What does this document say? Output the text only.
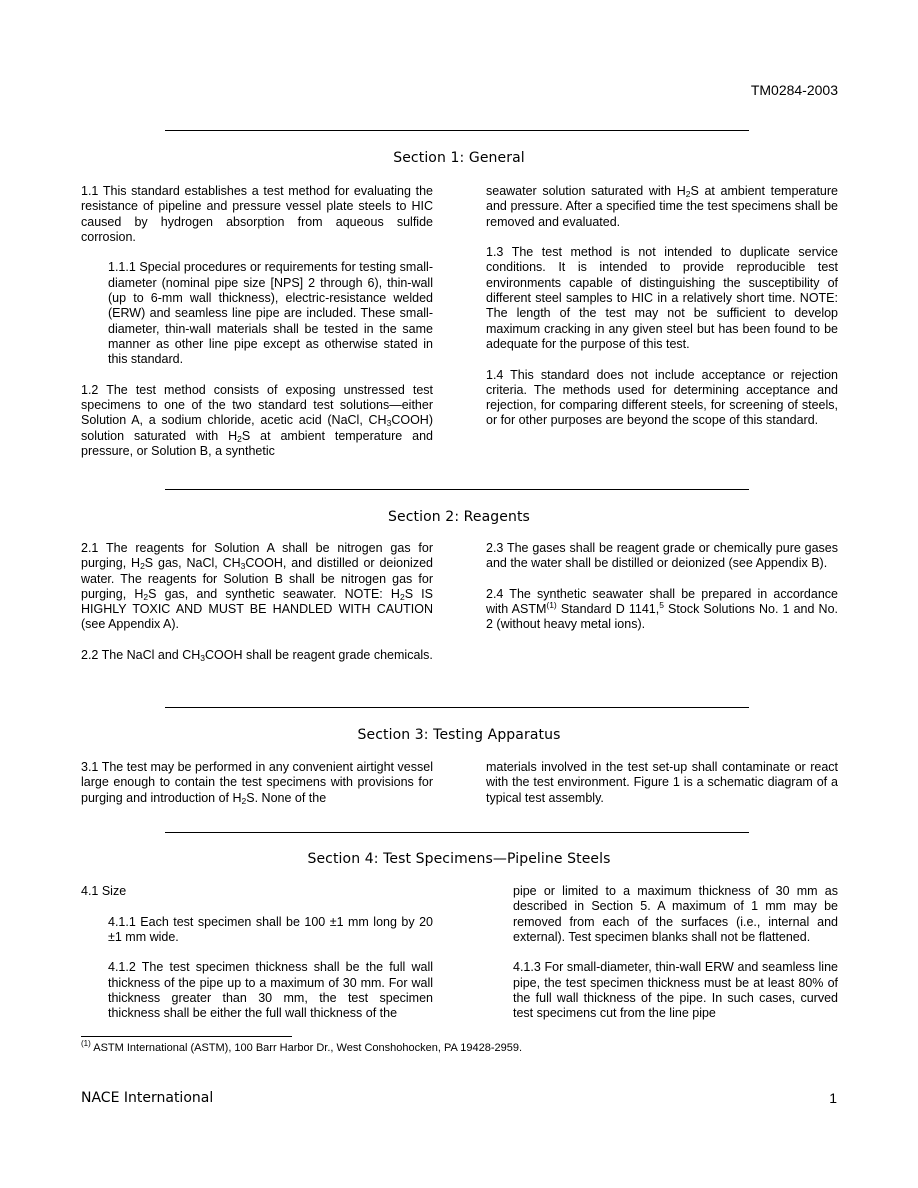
TM0284-2003
Section 1: General

1.1 This standard establishes a test method for evaluating the resistance of pipeline and pressure vessel plate steels to HIC caused by hydrogen absorption from aqueous sulfide corrosion.

1.1.1 Special procedures or requirements for testing small-diameter (nominal pipe size [NPS] 2 through 6), thin-wall (up to 6-mm wall thickness), electric-resistance welded (ERW) and seamless line pipe are included. These small-diameter, thin-wall materials shall be tested in the same manner as other line pipe except as otherwise stated in this standard.

1.2 The test method consists of exposing unstressed test specimens to one of the two standard test solutions—either Solution A, a sodium chloride, acetic acid (NaCl, $CH_3COOH$) solution saturated with $H_2S$ at ambient temperature and pressure, or Solution B, a synthetic

seawater solution saturated with $H_2S$ at ambient temperature and pressure. After a specified time the test specimens shall be removed and evaluated.

1.3 The test method is not intended to duplicate service conditions. It is intended to provide reproducible test environments capable of distinguishing the susceptibility of different steel samples to HIC in a relatively short time. NOTE: The length of the test may not be sufficient to develop maximum cracking in any given steel but has been found to be adequate for the purpose of this test.

1.4 This standard does not include acceptance or rejection criteria. The methods used for determining acceptance and rejection, for comparing different steels, for screening of steels, or for other purposes are beyond the scope of this standard.

Section 2: Reagents

2.1 The reagents for Solution A shall be nitrogen gas for purging, $H_2S$ gas, NaCl, $CH_3COOH$, and distilled or deionized water. The reagents for Solution B shall be nitrogen gas for purging, $H_2S$ gas, and synthetic seawater. NOTE: $H_2S$ IS HIGHLY TOXIC AND MUST BE HANDLED WITH CAUTION (see Appendix A).

2.2 The NaCl and $CH_3COOH$ shall be reagent grade chemicals.

2.3 The gases shall be reagent grade or chemically pure gases and the water shall be distilled or deionized (see Appendix B).

2.4 The synthetic seawater shall be prepared in accordance with ASTM$^{(1)}$ Standard D 1141,$^5$ Stock Solutions No. 1 and No. 2 (without heavy metal ions).

Section 3: Testing Apparatus

3.1 The test may be performed in any convenient airtight vessel large enough to contain the test specimens with provisions for purging and introduction of $H_2S$. None of the

materials involved in the test set-up shall contaminate or react with the test environment. Figure 1 is a schematic diagram of a typical test assembly.

Section 4: Test Specimens—Pipeline Steels

4.1 Size

4.1.1 Each test specimen shall be 100 ±1 mm long by 20 ±1 mm wide.

4.1.2 The test specimen thickness shall be the full wall thickness of the pipe up to a maximum of 30 mm. For wall thickness greater than 30 mm, the test specimen thickness shall be either the full wall thickness of the

pipe or limited to a maximum thickness of 30 mm as described in Section 5. A maximum of 1 mm may be removed from each of the surfaces (i.e., internal and external). Test specimen blanks shall not be flattened.

4.1.3 For small-diameter, thin-wall ERW and seamless line pipe, the test specimen thickness must be at least 80% of the full wall thickness of the pipe. In such cases, curved test specimens cut from the line pipe

$^{(1)}$ ASTM International (ASTM), 100 Barr Harbor Dr., West Conshohocken, PA 19428-2959.
NACE International	1
